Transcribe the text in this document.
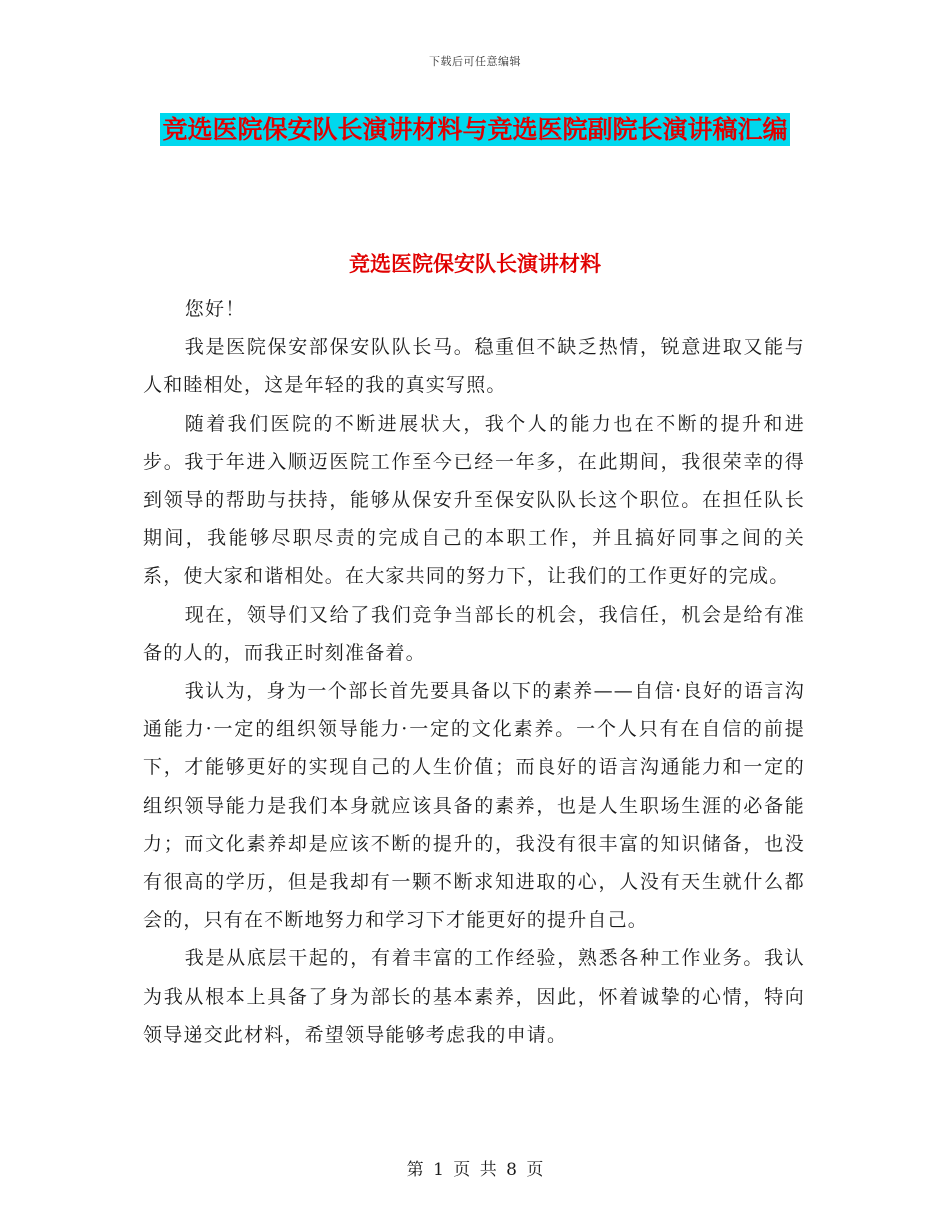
下载后可任意编辑
竞选医院保安队长演讲材料与竞选医院副院长演讲稿汇编
竞选医院保安队长演讲材料

您好！

我是医院保安部保安队队长马。稳重但不缺乏热情，锐意进取又能与人和睦相处，这是年轻的我的真实写照。

随着我们医院的不断进展状大，我个人的能力也在不断的提升和进步。我于年进入顺迈医院工作至今已经一年多，在此期间，我很荣幸的得到领导的帮助与扶持，能够从保安升至保安队队长这个职位。在担任队长期间，我能够尽职尽责的完成自己的本职工作，并且搞好同事之间的关系，使大家和谐相处。在大家共同的努力下，让我们的工作更好的完成。

现在，领导们又给了我们竞争当部长的机会，我信任，机会是给有准备的人的，而我正时刻准备着。

我认为，身为一个部长首先要具备以下的素养——自信·良好的语言沟通能力·一定的组织领导能力·一定的文化素养。一个人只有在自信的前提下，才能够更好的实现自己的人生价值；而良好的语言沟通能力和一定的组织领导能力是我们本身就应该具备的素养，也是人生职场生涯的必备能力；而文化素养却是应该不断的提升的，我没有很丰富的知识储备，也没有很高的学历，但是我却有一颗不断求知进取的心，人没有天生就什么都会的，只有在不断地努力和学习下才能更好的提升自己。

我是从底层干起的，有着丰富的工作经验，熟悉各种工作业务。我认为我从根本上具备了身为部长的基本素养，因此，怀着诚挚的心情，特向领导递交此材料，希望领导能够考虑我的申请。

第 1 页 共 8 页
